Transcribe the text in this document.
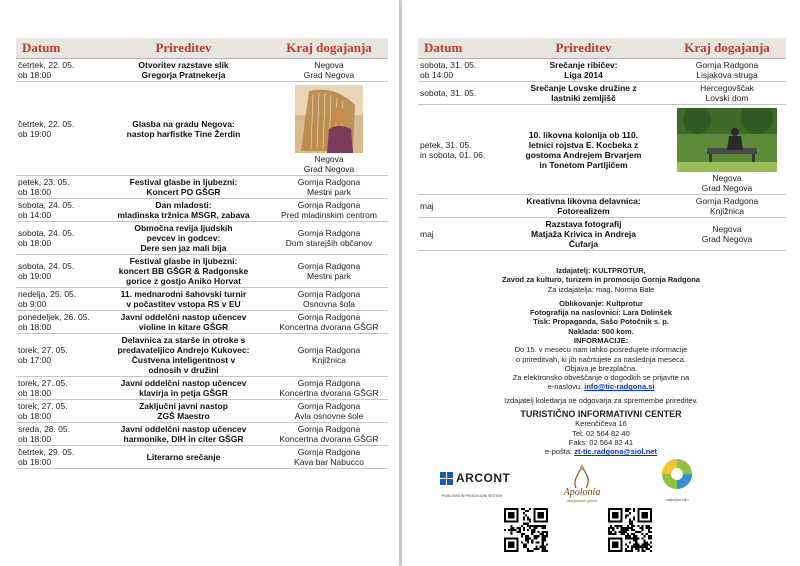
Datum	Prireditev	Kraj dogajanja

četrtek, 22. 05.
ob 18:00	Otvoritev razstave slik
Gregorja Pratnekerja	Negova
Grad Negova

četrtek, 22. 05.
ob 19:00	Glasba na gradu Negova:
nastop harfistke Tine Žerdin	Negova
Grad Negova

petek, 23. 05.
ob 18:00	Festival glasbe in ljubezni:
Koncert PO GŠGR	Gornja Radgona
Mestni park

sobota, 24. 05.
ob 14:00	Dan mladosti:
mladinska tržnica MSGR, zabava	Gornja Radgona
Pred mladinskim centrom

sobota, 24. 05.
ob 18:00	Območna revija ljudskih
pevcev in godcev:
Dere sen jaz mali bija	Gornja Radgona
Dom starejših občanov

sobota, 24. 05.
ob 19:00	Festival glasbe in ljubezni:
koncert BB GŠGR & Radgonske
gorice z gostjo Aniko Horvat	Gornja Radgona
Mestni park

nedelja, 25. 05.
ob 9:00	11. mednarodni šahovski turnir
v počastitev vstopa RS v EU	Gornja Radgona
Osnovna šola

ponedeljek, 26. 05.
ob 18:00	Javni oddelčni nastop učencev
violine in kitare GŠGR	Gornja Radgona
Koncertna dvorana GŠGR

torek, 27. 05.
ob 17:00	Delavnica za starše in otroke s
predavateljico Andrejo Kukovec:
Čustvena inteligentnost v
odnosih v družini	Gornja Radgona
Knjižnica

torek, 27. 05.
ob 18:00	Javni oddelčni nastop učencev
klavirja in petja GŠGR	Gornja Radgona
Koncertna dvorana GŠGR

torek, 27. 05.
ob 18:00	Zaključni javni nastop
ZGŠ Maestro	Gornja Radgona
Avla osnovne šole

sreda, 28. 05.
ob 18:00	Javni oddelčni nastop učencev
harmonike, DIH in citer GŠGR	Gornja Radgona
Koncertna dvorana GŠGR

četrtek, 29. 05.
ob 18:00	Literarno srečanje	Gornja Radgona
Kava bar Nabucco
Datum	Prireditev	Kraj dogajanja

sobota, 31. 05.
ob 14:00	Srečanje ribičev:
Liga 2014	Gornja Radgona
Lisjakova struga

sobota, 31. 05.	Srečanje Lovske družine z
lastniki zemljišč	Hercegovščak
Lovski dom

petek, 31. 05.
in sobota, 01. 06.	10. likovna kolonija ob 110.
letnici rojstva E. Kocbeka z
gostoma Andrejem Brvarjem
in Tonetom Partljičem	Negova
Grad Negova

maj	Kreativna likovna delavnica:
Fotorealizem	Gornja Radgona
Knjižnica

maj	Razstava fotografij
Matjaža Krivica in Andreja
Čufarja	Negova
Grad Negova
Izdajatelj: KULTPROTUR,
Zavod za kulturo, turizem in promocijo Gornja Radgona
Za izdajatelja: mag. Norma Bale
Oblikovanje: Kultprotur
Fotografija na naslovnici: Lara Dolinšek
Tisk: Propaganda, Sašo Potočnik s. p.
Naklada: 500 kom.
INFORMACIJE:
Do 15. v mesecu nam lahko posredujete informacije
o prireditvah, ki jih načrtujete za naslednja meseca.
Objava je brezplačna.
Za elektronsko obveščanje o dogodkih se prijavite na
e-naslovu: info@tic-radgona.si
Izdajatelj koledarja ne odgovarja za spremembe prireditev.
TURISTIČNO INFORMATIVNI CENTER
Kerenčičeva 16
Tel: 02 564 82 40
Faks: 02 564 82 41
e-pošta: zt-tic.radgona@siol.net
ARCONT
POSLOVNI IN PROIZVODNI SISTEMI	Apolonia
radgonske gorice	najboljše bilo
